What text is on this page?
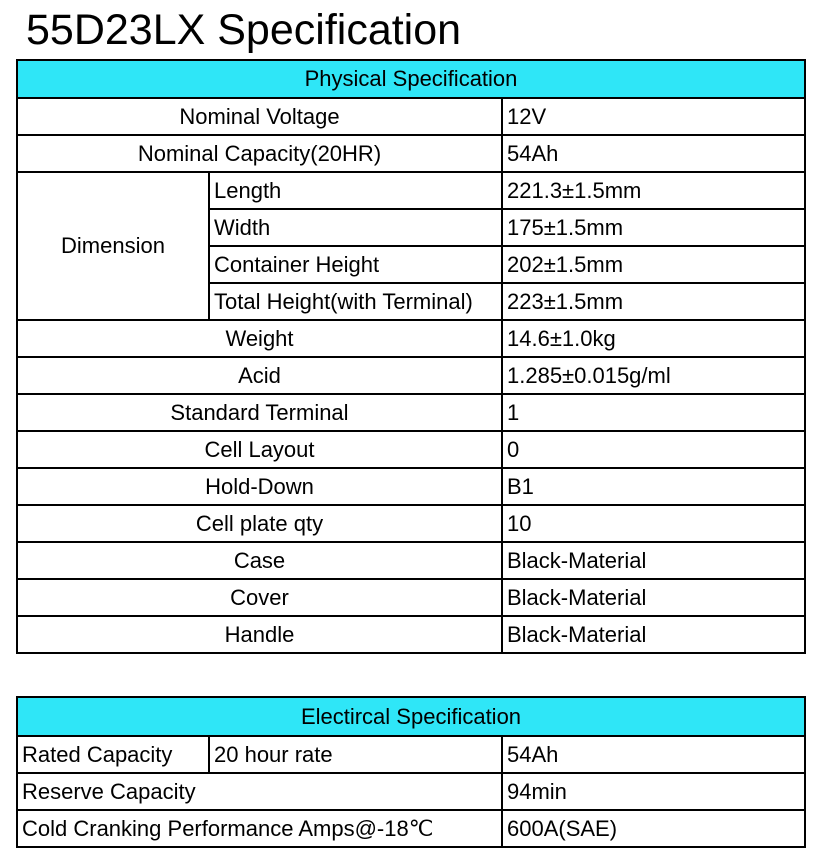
55D23LX Specification
Physical Specification		
Nominal Voltage		12V
Nominal Capacity(20HR)		54Ah
Dimension	Length	221.3±1.5mm
	Width	175±1.5mm
	Container Height	202±1.5mm
	Total Height(with Terminal)	223±1.5mm
Weight		14.6±1.0kg
Acid		1.285±0.015g/ml
Standard Terminal		1
Cell Layout		0
Hold-Down		B1
Cell plate qty		10
Case		Black-Material
Cover		Black-Material
Handle		Black-Material
Electircal Specification		
Rated Capacity	20 hour rate	54Ah
Reserve Capacity		94min
Cold Cranking Performance Amps@-18℃		600A(SAE)
